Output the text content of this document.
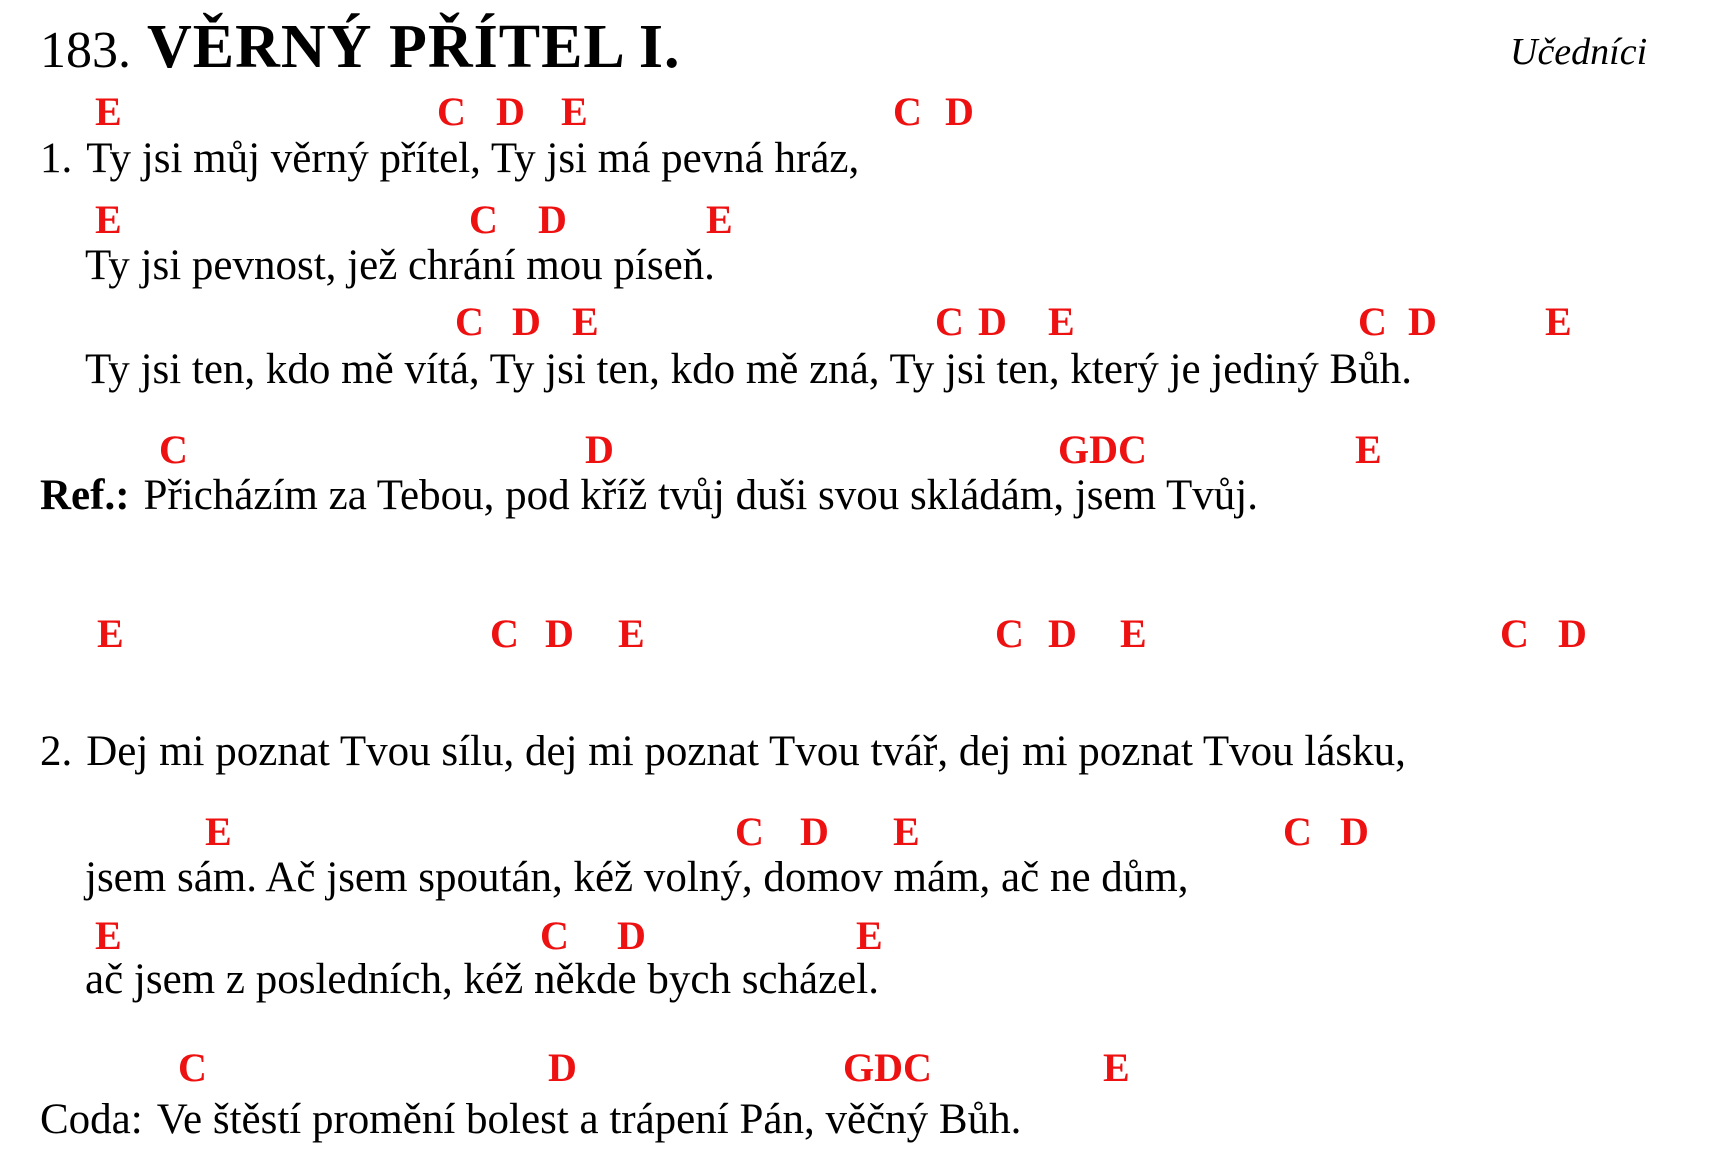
183. VĚRNÝ PŘÍTEL I.	Učedníci
E	C D E	C D
1. Ty jsi můj věrný přítel, Ty jsi má pevná hráz,
E	C D	E
Ty jsi pevnost, jež chrání mou píseň.
C D E	C D E	C D	E
Ty jsi ten, kdo mě vítá, Ty jsi ten, kdo mě zná, Ty jsi ten, který je jediný Bůh.
C	D	GDC	E
Ref.: Přicházím za Tebou, pod kříž tvůj duši svou skládám, jsem Tvůj.
E	C D E	C D E	C D
2. Dej mi poznat Tvou sílu, dej mi poznat Tvou tvář, dej mi poznat Tvou lásku,
E	C D E	C D
jsem sám. Ač jsem spoután, kéž volný, domov mám, ač ne dům,
E	C D	E
ač jsem z posledních, kéž někde bych scházel.
C	D	GDC	E
Coda: Ve štěstí promění bolest a trápení Pán, věčný Bůh.
